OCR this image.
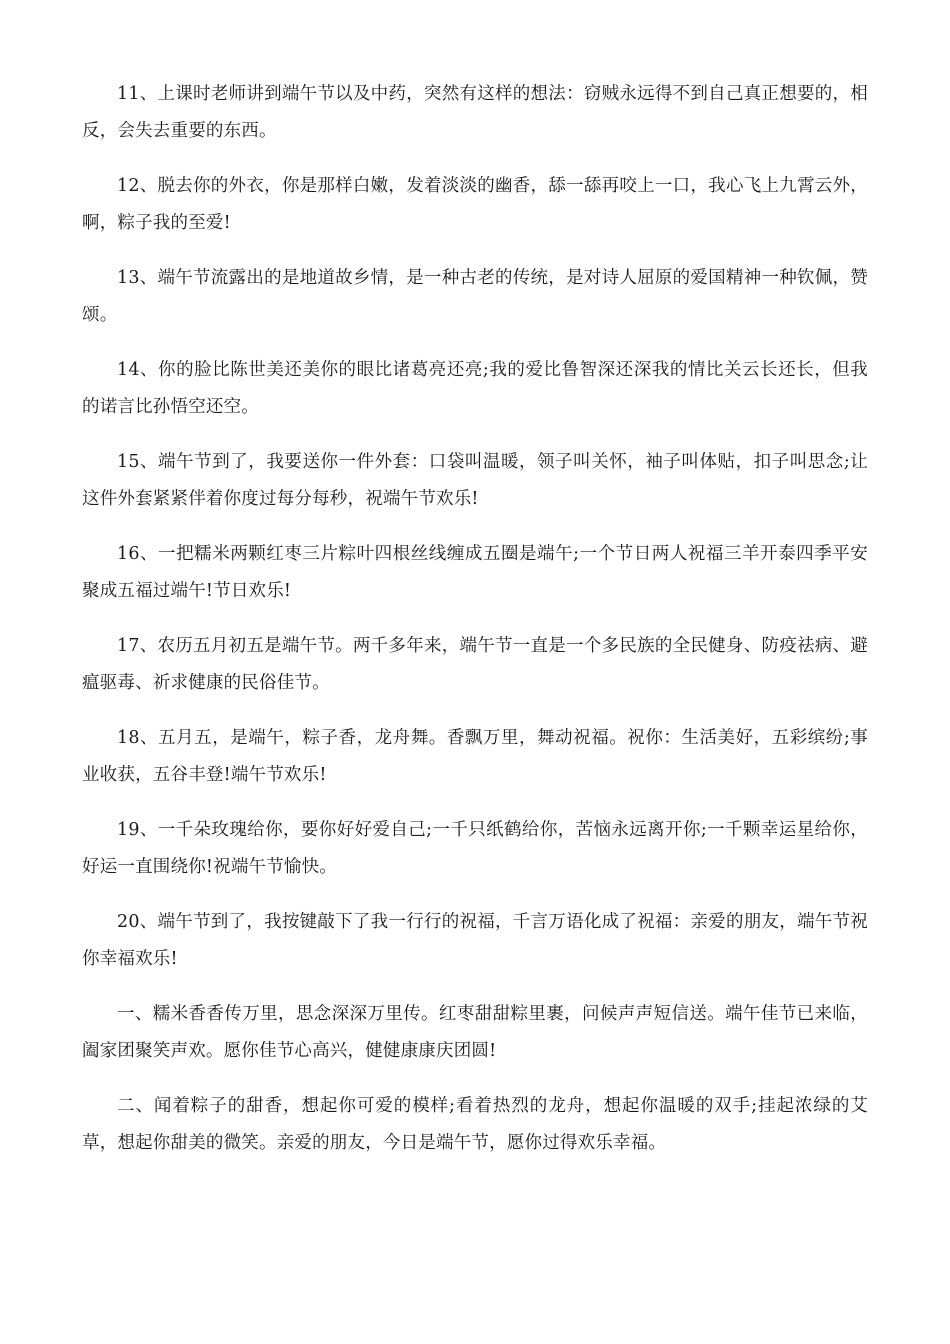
11、上课时老师讲到端午节以及中药，突然有这样的想法：窃贼永远得不到自己真正想要的，相反，会失去重要的东西。

12、脱去你的外衣，你是那样白嫩，发着淡淡的幽香，舔一舔再咬上一口，我心飞上九霄云外，啊，粽子我的至爱!

13、端午节流露出的是地道故乡情，是一种古老的传统，是对诗人屈原的爱国精神一种钦佩，赞颂。

14、你的脸比陈世美还美你的眼比诸葛亮还亮;我的爱比鲁智深还深我的情比关云长还长，但我的诺言比孙悟空还空。

15、端午节到了，我要送你一件外套：口袋叫温暖，领子叫关怀，袖子叫体贴，扣子叫思念;让这件外套紧紧伴着你度过每分每秒，祝端午节欢乐!

16、一把糯米两颗红枣三片粽叶四根丝线缠成五圈是端午;一个节日两人祝福三羊开泰四季平安聚成五福过端午!节日欢乐!

17、农历五月初五是端午节。两千多年来，端午节一直是一个多民族的全民健身、防疫祛病、避瘟驱毒、祈求健康的民俗佳节。

18、五月五，是端午，粽子香，龙舟舞。香飘万里，舞动祝福。祝你：生活美好，五彩缤纷;事业收获，五谷丰登!端午节欢乐!

19、一千朵玫瑰给你，要你好好爱自己;一千只纸鹤给你，苦恼永远离开你;一千颗幸运星给你，好运一直围绕你!祝端午节愉快。

20、端午节到了，我按键敲下了我一行行的祝福，千言万语化成了祝福：亲爱的朋友，端午节祝你幸福欢乐!

一、糯米香香传万里，思念深深万里传。红枣甜甜粽里裹，问候声声短信送。端午佳节已来临，阖家团聚笑声欢。愿你佳节心高兴，健健康康庆团圆!

二、闻着粽子的甜香，想起你可爱的模样;看着热烈的龙舟，想起你温暖的双手;挂起浓绿的艾草，想起你甜美的微笑。亲爱的朋友，今日是端午节，愿你过得欢乐幸福。
